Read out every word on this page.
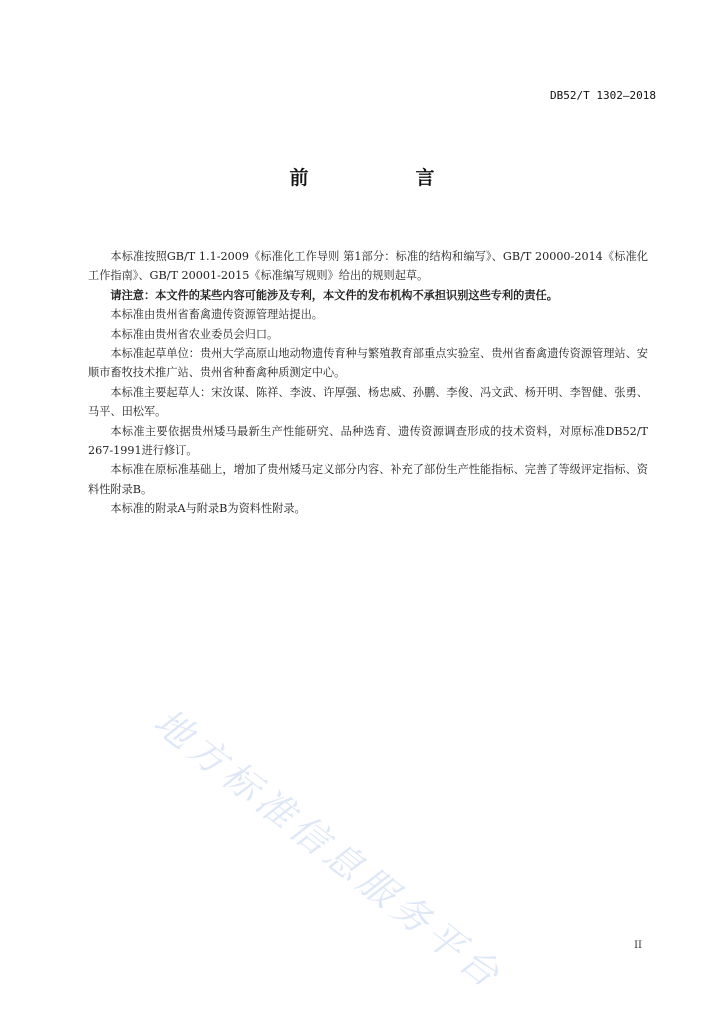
DB52/T 1302—2018
前　言

本标准按照GB/T 1.1-2009《标准化工作导则 第1部分：标准的结构和编写》、GB/T 20000-2014《标准化工作指南》、GB/T 20001-2015《标准编写规则》给出的规则起草。

请注意：本文件的某些内容可能涉及专利，本文件的发布机构不承担识别这些专利的责任。

本标准由贵州省畜禽遗传资源管理站提出。

本标准由贵州省农业委员会归口。

本标准起草单位：贵州大学高原山地动物遗传育种与繁殖教育部重点实验室、贵州省畜禽遗传资源管理站、安顺市畜牧技术推广站、贵州省种畜禽种质测定中心。

本标准主要起草人：宋汝谋、陈祥、李波、许厚强、杨忠威、孙鹏、李俊、冯文武、杨开明、李智健、张勇、马平、田松军。

本标准主要依据贵州矮马最新生产性能研究、品种选育、遗传资源调查形成的技术资料，对原标准DB52/T 267-1991进行修订。

本标准在原标准基础上，增加了贵州矮马定义部分内容、补充了部份生产性能指标、完善了等级评定指标、资料性附录B。

本标准的附录A与附录B为资料性附录。

地方标准信息服务平台	II
